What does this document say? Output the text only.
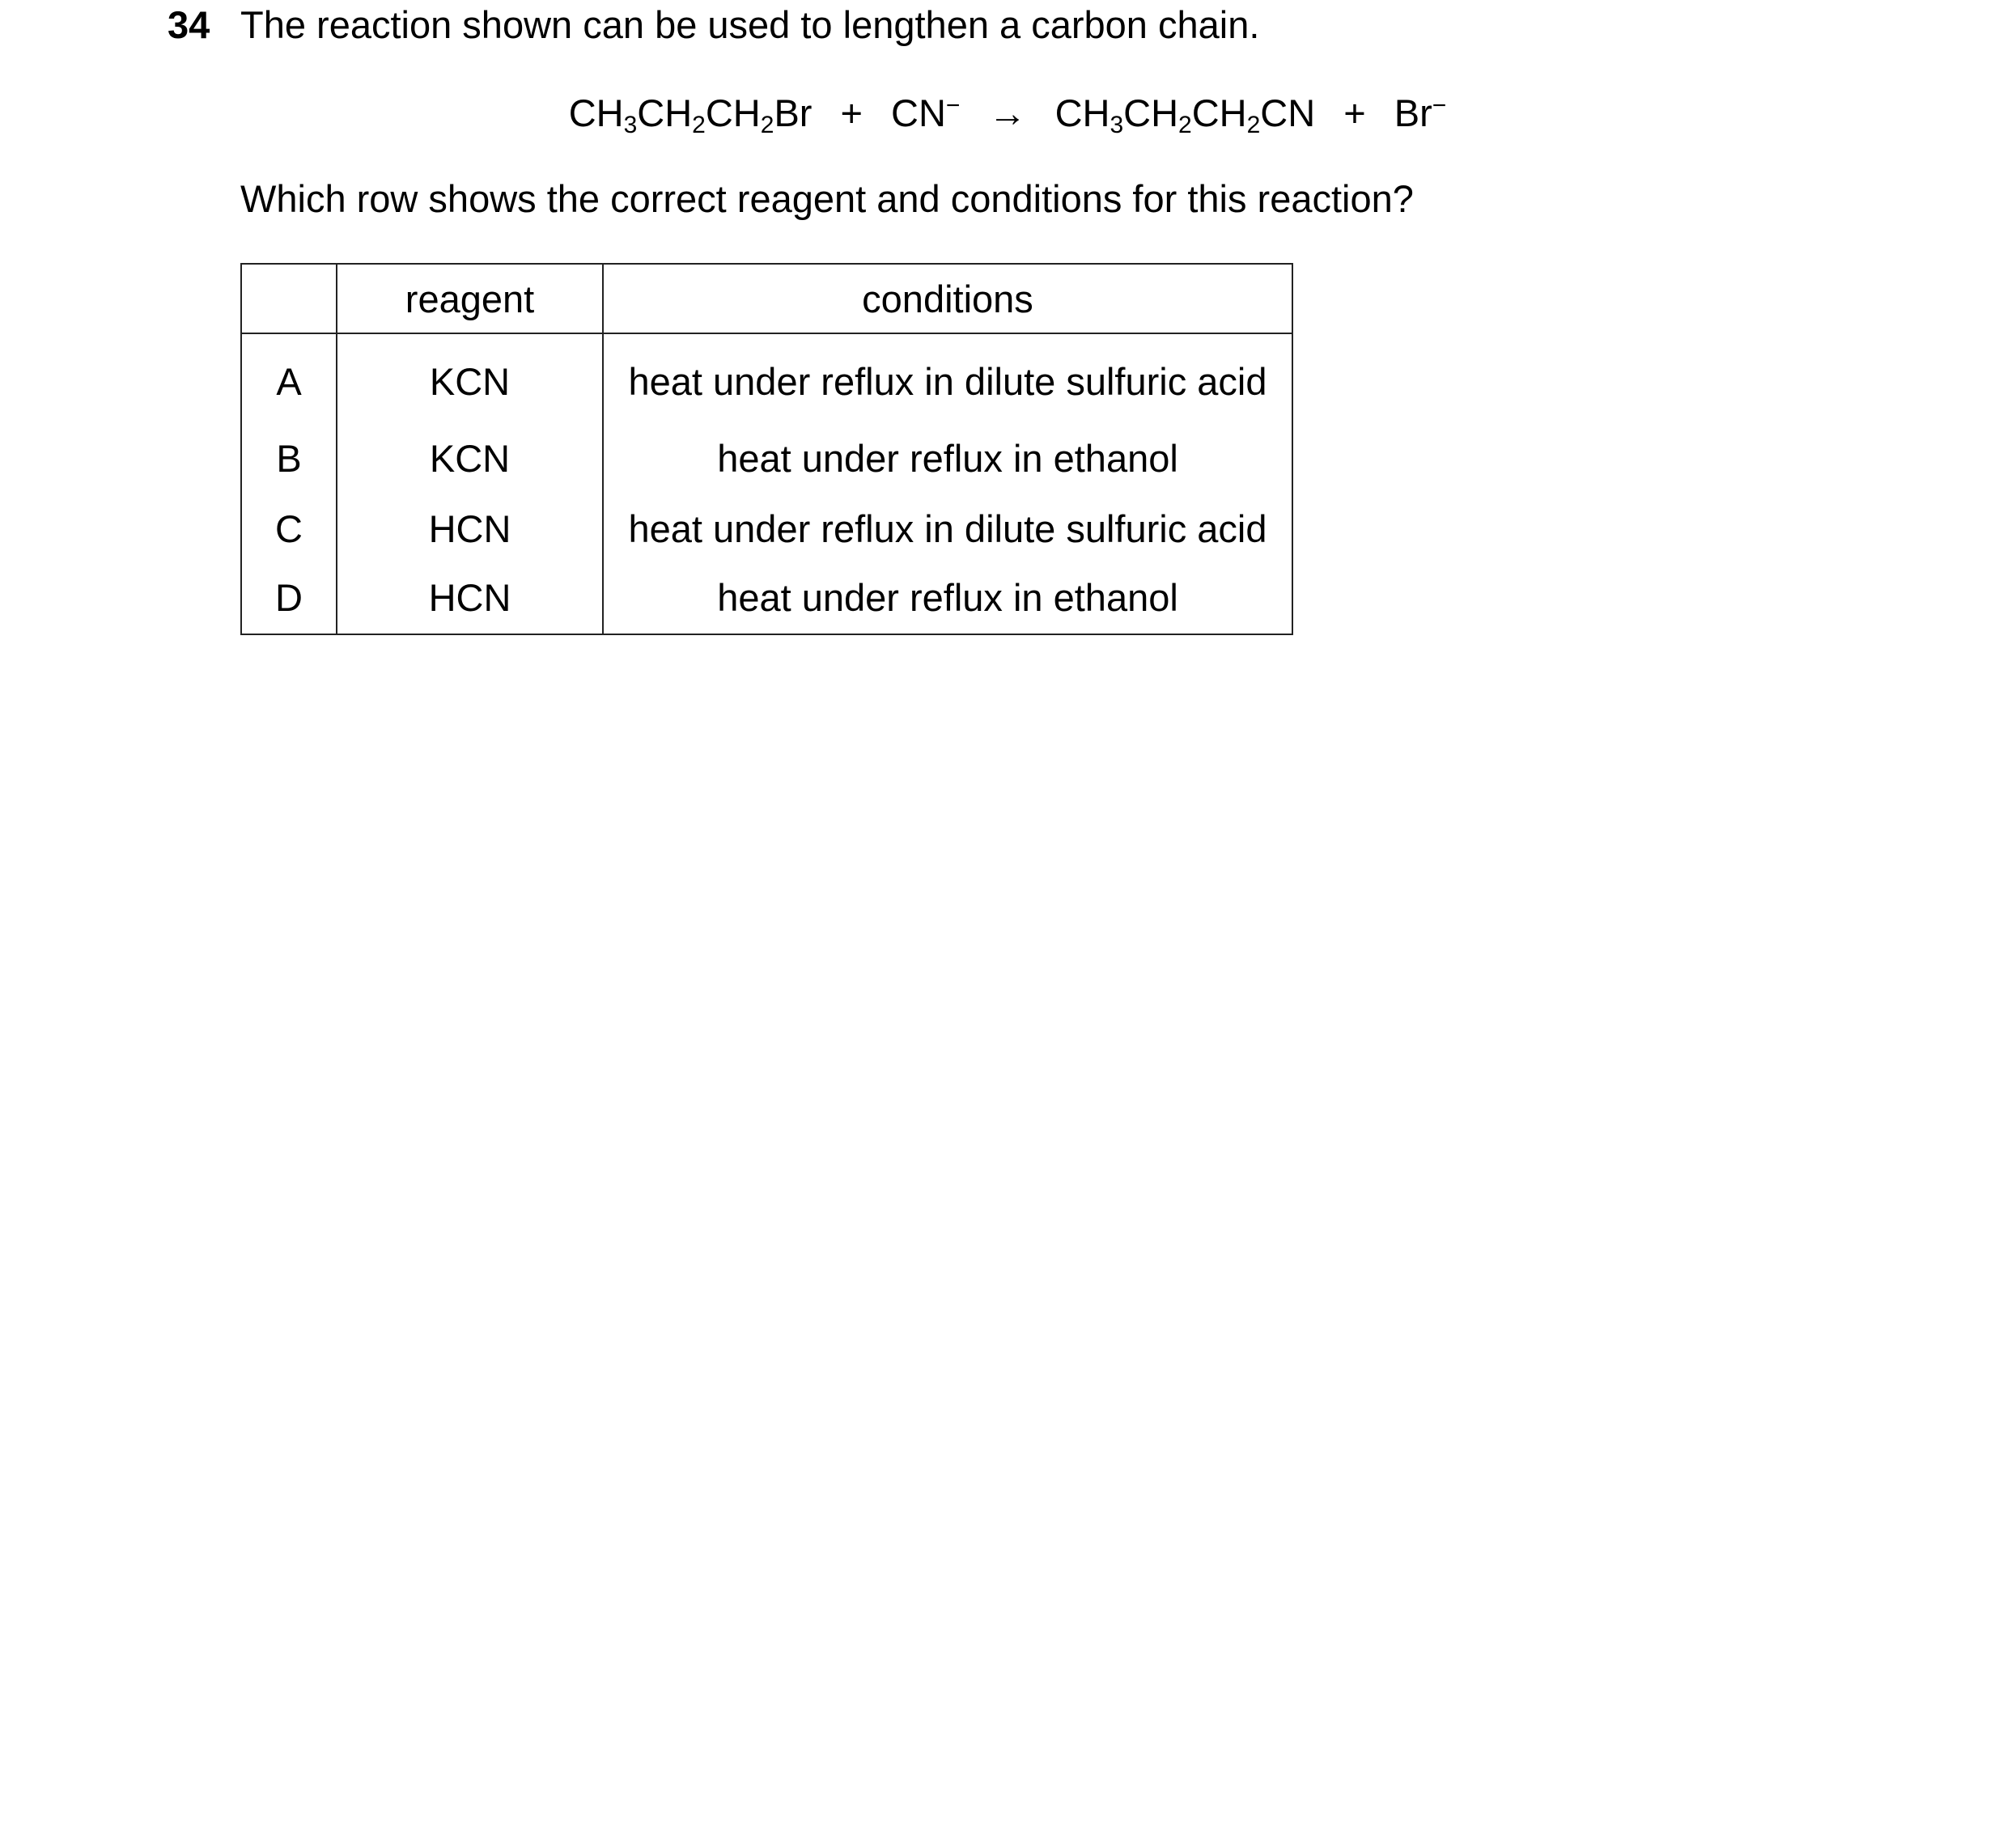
34 The reaction shown can be used to lengthen a carbon chain.
$CH_3CH_2CH_2Br + CN^- \to CH_3CH_2CH_2CN + Br^-$
Which row shows the correct reagent and conditions for this reaction?
	reagent	conditions
A	KCN	heat under reflux in dilute sulfuric acid
B	KCN	heat under reflux in ethanol
C	HCN	heat under reflux in dilute sulfuric acid
D	HCN	heat under reflux in ethanol
